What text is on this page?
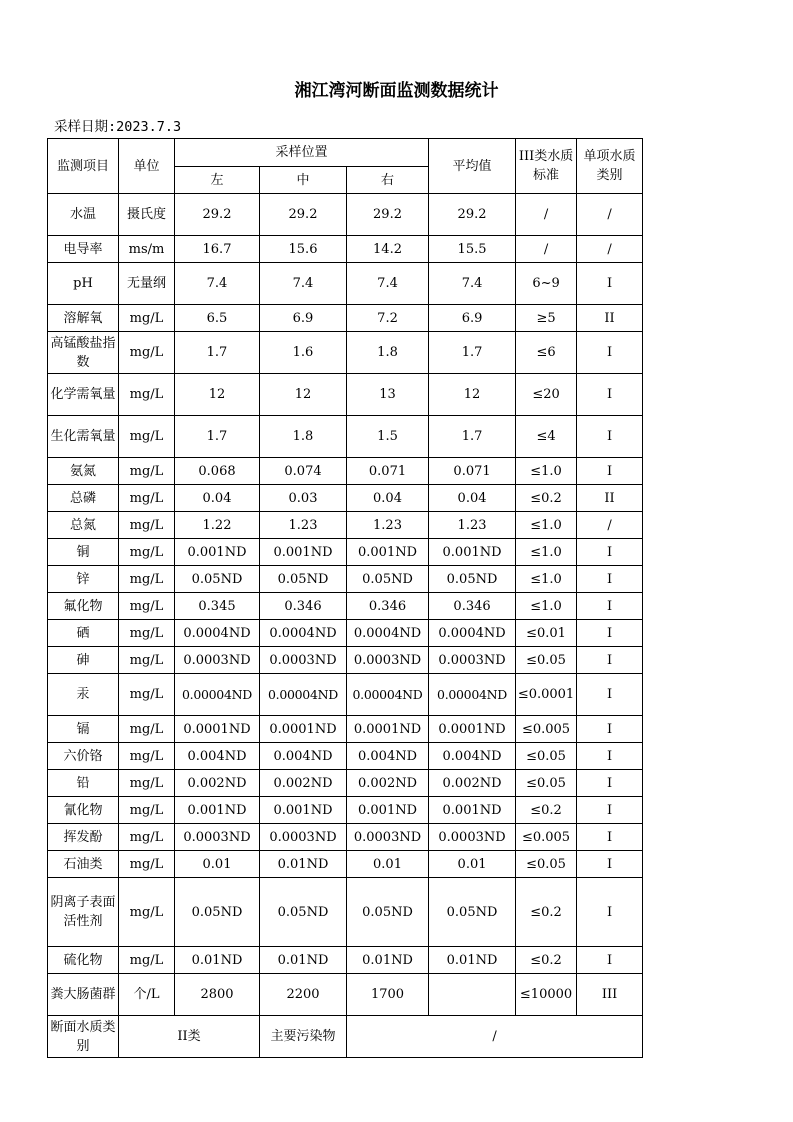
湘江湾河断面监测数据统计
采样日期:2023.7.3
监测项目	单位	采样位置			平均值	III类水质标准	单项水质类别
		左	中	右			
水温	摄氏度	29.2	29.2	29.2	29.2	/	/
电导率	ms/m	16.7	15.6	14.2	15.5	/	/
pH	无量纲	7.4	7.4	7.4	7.4	6~9	I
溶解氧	mg/L	6.5	6.9	7.2	6.9	≥5	II
高锰酸盐指数	mg/L	1.7	1.6	1.8	1.7	≤6	I
化学需氧量	mg/L	12	12	13	12	≤20	I
生化需氧量	mg/L	1.7	1.8	1.5	1.7	≤4	I
氨氮	mg/L	0.068	0.074	0.071	0.071	≤1.0	I
总磷	mg/L	0.04	0.03	0.04	0.04	≤0.2	II
总氮	mg/L	1.22	1.23	1.23	1.23	≤1.0	/
铜	mg/L	0.001ND	0.001ND	0.001ND	0.001ND	≤1.0	I
锌	mg/L	0.05ND	0.05ND	0.05ND	0.05ND	≤1.0	I
氟化物	mg/L	0.345	0.346	0.346	0.346	≤1.0	I
硒	mg/L	0.0004ND	0.0004ND	0.0004ND	0.0004ND	≤0.01	I
砷	mg/L	0.0003ND	0.0003ND	0.0003ND	0.0003ND	≤0.05	I
汞	mg/L	0.00004ND	0.00004ND	0.00004ND	0.00004ND	≤0.0001	I
镉	mg/L	0.0001ND	0.0001ND	0.0001ND	0.0001ND	≤0.005	I
六价铬	mg/L	0.004ND	0.004ND	0.004ND	0.004ND	≤0.05	I
铅	mg/L	0.002ND	0.002ND	0.002ND	0.002ND	≤0.05	I
氰化物	mg/L	0.001ND	0.001ND	0.001ND	0.001ND	≤0.2	I
挥发酚	mg/L	0.0003ND	0.0003ND	0.0003ND	0.0003ND	≤0.005	I
石油类	mg/L	0.01	0.01ND	0.01	0.01	≤0.05	I
阴离子表面活性剂	mg/L	0.05ND	0.05ND	0.05ND	0.05ND	≤0.2	I
硫化物	mg/L	0.01ND	0.01ND	0.01ND	0.01ND	≤0.2	I
粪大肠菌群	个/L	2800	2200	1700		≤10000	III
断面水质类别	II类		主要污染物	/			
